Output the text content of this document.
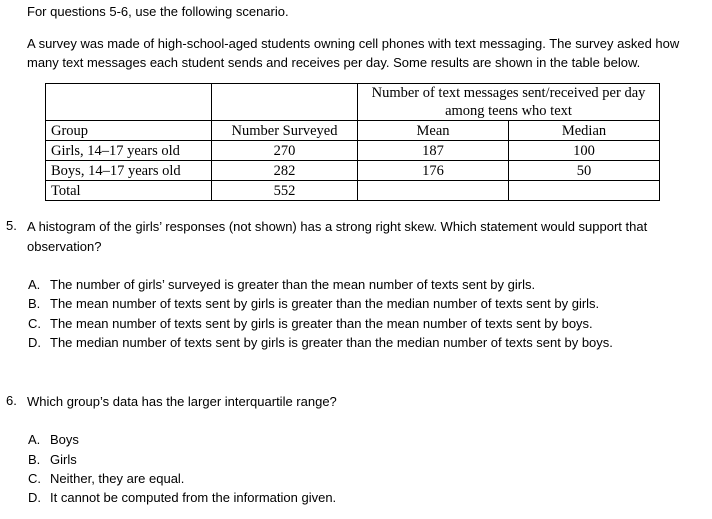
For questions 5-6, use the following scenario.
A survey was made of high-school-aged students owning cell phones with text messaging. The survey asked how many text messages each student sends and receives per day. Some results are shown in the table below.
		Number of text messages sent/received per day among teens who text	
Group	Number Surveyed	Mean	Median
Girls, 14–17 years old	270	187	100
Boys, 14–17 years old	282	176	50
Total	552		
5. A histogram of the girls’ responses (not shown) has a strong right skew. Which statement would support that observation?
A. The number of girls’ surveyed is greater than the mean number of texts sent by girls.
B. The mean number of texts sent by girls is greater than the median number of texts sent by girls.
C. The mean number of texts sent by girls is greater than the mean number of texts sent by boys.
D. The median number of texts sent by girls is greater than the median number of texts sent by boys.
6. Which group’s data has the larger interquartile range?
A. Boys
B. Girls
C. Neither, they are equal.
D. It cannot be computed from the information given.
